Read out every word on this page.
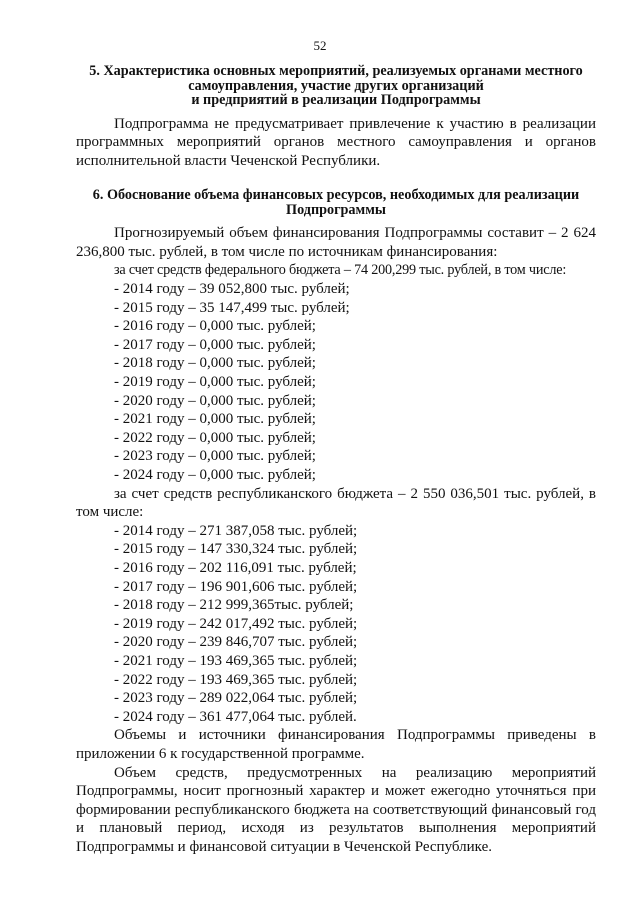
52
5. Характеристика основных мероприятий, реализуемых органами местного
самоуправления, участие других организаций
и предприятий в реализации Подпрограммы

Подпрограмма не предусматривает привлечение к участию в реализации программных мероприятий органов местного самоуправления и органов исполнительной власти Чеченской Республики.

6. Обоснование объема финансовых ресурсов, необходимых для реализации
Подпрограммы

Прогнозируемый объем финансирования Подпрограммы составит – 2 624 236,800 тыс. рублей, в том числе по источникам финансирования:

за счет средств федерального бюджета – 74 200,299 тыс. рублей, в том числе:

- 2014 году – 39 052,800 тыс. рублей;
- 2015 году – 35 147,499 тыс. рублей;
- 2016 году – 0,000 тыс. рублей;
- 2017 году – 0,000 тыс. рублей;
- 2018 году – 0,000 тыс. рублей;
- 2019 году – 0,000 тыс. рублей;
- 2020 году – 0,000 тыс. рублей;
- 2021 году – 0,000 тыс. рублей;
- 2022 году – 0,000 тыс. рублей;
- 2023 году – 0,000 тыс. рублей;
- 2024 году – 0,000 тыс. рублей;

за счет средств республиканского бюджета – 2 550 036,501 тыс. рублей, в том числе:

- 2014 году – 271 387,058 тыс. рублей;
- 2015 году – 147 330,324 тыс. рублей;
- 2016 году – 202 116,091 тыс. рублей;
- 2017 году – 196 901,606 тыс. рублей;
- 2018 году – 212 999,365тыс. рублей;
- 2019 году – 242 017,492 тыс. рублей;
- 2020 году – 239 846,707 тыс. рублей;
- 2021 году – 193 469,365 тыс. рублей;
- 2022 году – 193 469,365 тыс. рублей;
- 2023 году – 289 022,064 тыс. рублей;
- 2024 году – 361 477,064 тыс. рублей.

Объемы и источники финансирования Подпрограммы приведены в приложении 6 к государственной программе.

Объем средств, предусмотренных на реализацию мероприятий Подпрограммы, носит прогнозный характер и может ежегодно уточняться при формировании республиканского бюджета на соответствующий финансовый год и плановый период, исходя из результатов выполнения мероприятий Подпрограммы и финансовой ситуации в Чеченской Республике.
